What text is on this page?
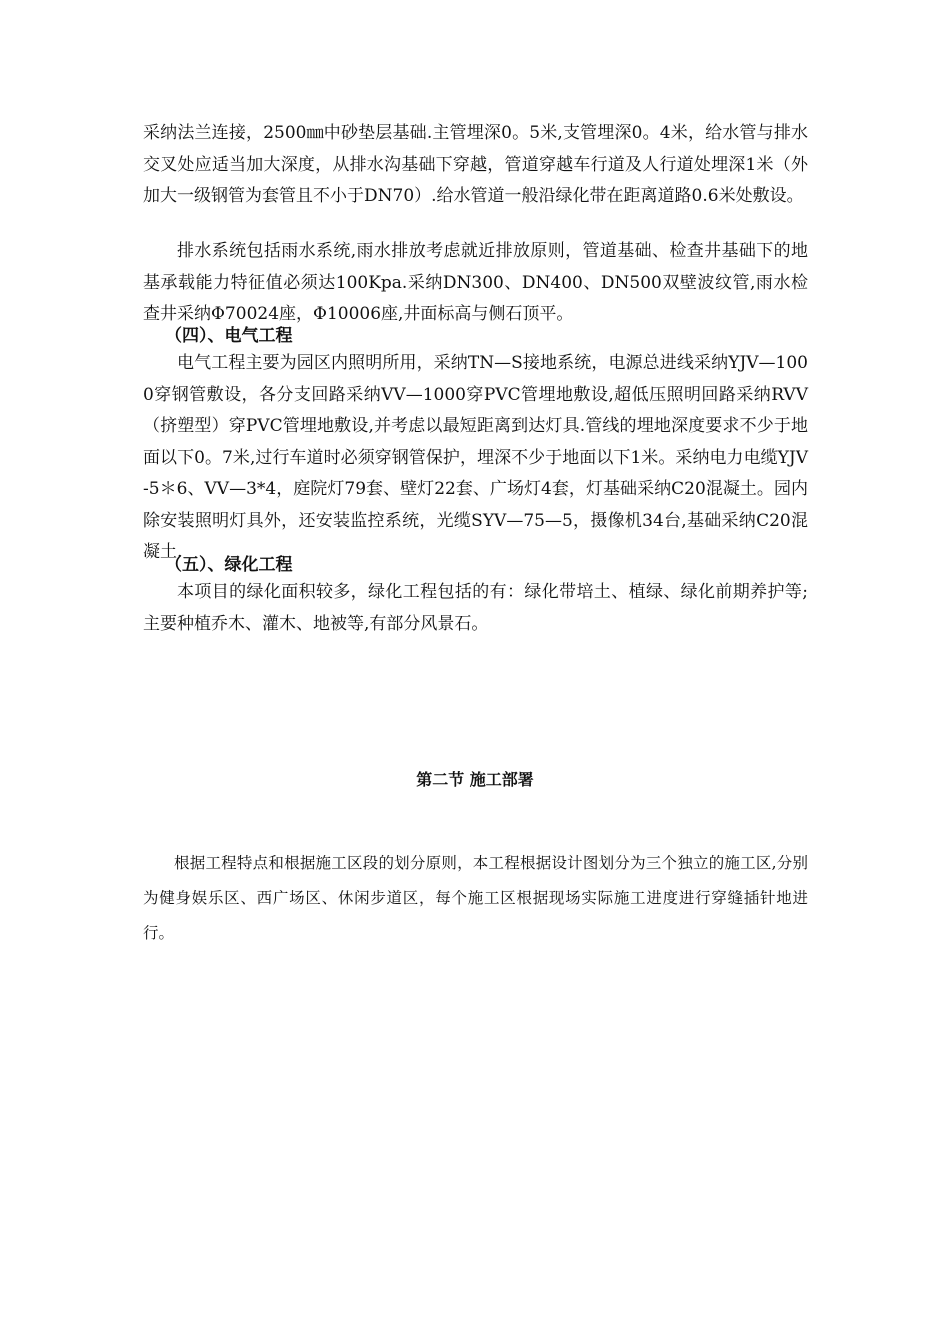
采纳法兰连接，2500㎜中砂垫层基础.主管埋深0。5米,支管埋深0。4米，给水管与排水交叉处应适当加大深度，从排水沟基础下穿越，管道穿越车行道及人行道处埋深1米（外加大一级钢管为套管且不小于DN70）.给水管道一般沿绿化带在距离道路0.6米处敷设。
排水系统包括雨水系统,雨水排放考虑就近排放原则，管道基础、检查井基础下的地基承载能力特征值必须达100Kpa.采纳DN300、DN400、DN500双壁波纹管,雨水检查井采纳Φ70024座，Φ10006座,井面标高与侧石顶平。
（四）、电气工程
电气工程主要为园区内照明所用，采纳TN—S接地系统，电源总进线采纳YJV—1000穿钢管敷设，各分支回路采纳VV—1000穿PVC管埋地敷设,超低压照明回路采纳RVV（挤塑型）穿PVC管埋地敷设,并考虑以最短距离到达灯具.管线的埋地深度要求不少于地面以下0。7米,过行车道时必须穿钢管保护，埋深不少于地面以下1米。采纳电力电缆YJV-5＊6、VV—3*4，庭院灯79套、壁灯22套、广场灯4套，灯基础采纳C20混凝土。园内除安装照明灯具外，还安装监控系统，光缆SYV—75—5，摄像机34台,基础采纳C20混凝土.
（五）、绿化工程
本项目的绿化面积较多，绿化工程包括的有：绿化带培土、植绿、绿化前期养护等;主要种植乔木、灌木、地被等,有部分风景石。
第二节 施工部署
根据工程特点和根据施工区段的划分原则，本工程根据设计图划分为三个独立的施工区,分别为健身娱乐区、西广场区、休闲步道区，每个施工区根据现场实际施工进度进行穿缝插针地进行。
